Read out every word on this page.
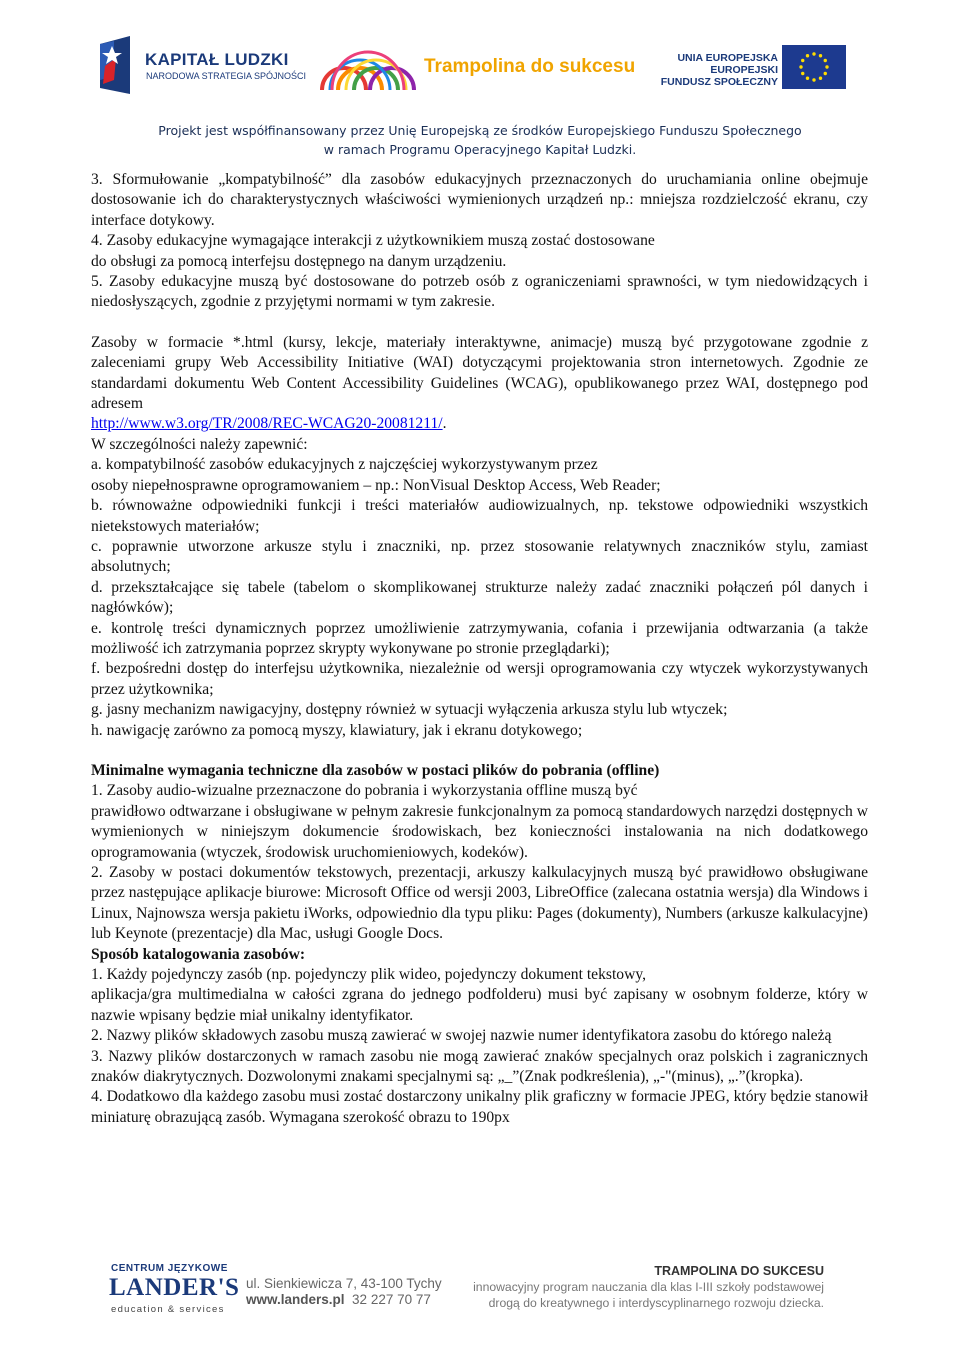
KAPITAŁ LUDZKI
NARODOWA STRATEGIA SPÓJNOŚCI	Trampolina do sukcesu	UNIA EUROPEJSKA
EUROPEJSKI
FUNDUSZ SPOŁECZNY
Projekt jest współfinansowany przez Unię Europejską ze środków Europejskiego Funduszu Społecznego
w ramach Programu Operacyjnego Kapitał Ludzki.

3. Sformułowanie „kompatybilność” dla zasobów edukacyjnych przeznaczonych do uruchamiania online obejmuje dostosowanie ich do charakterystycznych właściwości wymienionych urządzeń np.: mniejsza rozdzielczość ekranu, czy interface dotykowy.

4. Zasoby edukacyjne wymagające interakcji z użytkownikiem muszą zostać dostosowane

do obsługi za pomocą interfejsu dostępnego na danym urządzeniu.

5. Zasoby edukacyjne muszą być dostosowane do potrzeb osób z ograniczeniami sprawności, w tym niedowidzących i niedosłyszących, zgodnie z przyjętymi normami w tym zakresie.

Zasoby w formacie *.html (kursy, lekcje, materiały interaktywne, animacje) muszą być przygotowane zgodnie z zaleceniami grupy Web Accessibility Initiative (WAI) dotyczącymi projektowania stron internetowych. Zgodnie ze standardami dokumentu Web Content Accessibility Guidelines (WCAG), opublikowanego przez WAI, dostępnego pod adresem

http://www.w3.org/TR/2008/REC-WCAG20-20081211/.

W szczególności należy zapewnić:

a. kompatybilność zasobów edukacyjnych z najczęściej wykorzystywanym przez

osoby niepełnosprawne oprogramowaniem – np.: NonVisual Desktop Access, Web Reader;

b. równoważne odpowiedniki funkcji i treści materiałów audiowizualnych, np. tekstowe odpowiedniki wszystkich nietekstowych materiałów;

c. poprawnie utworzone arkusze stylu i znaczniki, np. przez stosowanie relatywnych znaczników stylu, zamiast absolutnych;

d. przekształcające się tabele (tabelom o skomplikowanej strukturze należy zadać znaczniki połączeń pól danych i nagłówków);

e. kontrolę treści dynamicznych poprzez umożliwienie zatrzymywania, cofania i przewijania odtwarzania (a także możliwość ich zatrzymania poprzez skrypty wykonywane po stronie przeglądarki);

f. bezpośredni dostęp do interfejsu użytkownika, niezależnie od wersji oprogramowania czy wtyczek wykorzystywanych przez użytkownika;

g. jasny mechanizm nawigacyjny, dostępny również w sytuacji wyłączenia arkusza stylu lub wtyczek;

h. nawigację zarówno za pomocą myszy, klawiatury, jak i ekranu dotykowego;

Minimalne wymagania techniczne dla zasobów w postaci plików do pobrania (offline)

1. Zasoby audio-wizualne przeznaczone do pobrania i wykorzystania offline muszą być

prawidłowo odtwarzane i obsługiwane w pełnym zakresie funkcjonalnym za pomocą standardowych narzędzi dostępnych w wymienionych w niniejszym dokumencie środowiskach, bez konieczności instalowania na nich dodatkowego oprogramowania (wtyczek, środowisk uruchomieniowych, kodeków).

2. Zasoby w postaci dokumentów tekstowych, prezentacji, arkuszy kalkulacyjnych muszą być prawidłowo obsługiwane przez następujące aplikacje biurowe: Microsoft Office od wersji 2003, LibreOffice (zalecana ostatnia wersja) dla Windows i Linux, Najnowsza wersja pakietu iWorks, odpowiednio dla typu pliku: Pages (dokumenty), Numbers (arkusze kalkulacyjne) lub Keynote (prezentacje) dla Mac, usługi Google Docs.

Sposób katalogowania zasobów:

1. Każdy pojedynczy zasób (np. pojedynczy plik wideo, pojedynczy dokument tekstowy,

aplikacja/gra multimedialna w całości zgrana do jednego podfolderu) musi być zapisany w osobnym folderze, który w nazwie wpisany będzie miał unikalny identyfikator.

2. Nazwy plików składowych zasobu muszą zawierać w swojej nazwie numer identyfikatora zasobu do którego należą

3. Nazwy plików dostarczonych w ramach zasobu nie mogą zawierać znaków specjalnych oraz polskich i zagranicznych znaków diakrytycznych. Dozwolonymi znakami specjalnymi są: „_”(Znak podkreślenia), „-"(minus), „.”(kropka).

4. Dodatkowo dla każdego zasobu musi zostać dostarczony unikalny plik graficzny w formacie JPEG, który będzie stanowił miniaturę obrazującą zasób. Wymagana szerokość obrazu to 190px

CENTRUM JĘZYKOWE
LANDER'S
education & services
ul. Sienkiewicza 7, 43-100 Tychy
www.landers.pl 32 227 70 77
TRAMPOLINA DO SUKCESU
innowacyjny program nauczania dla klas I-III szkoły podstawowej
drogą do kreatywnego i interdyscyplinarnego rozwoju dziecka.
